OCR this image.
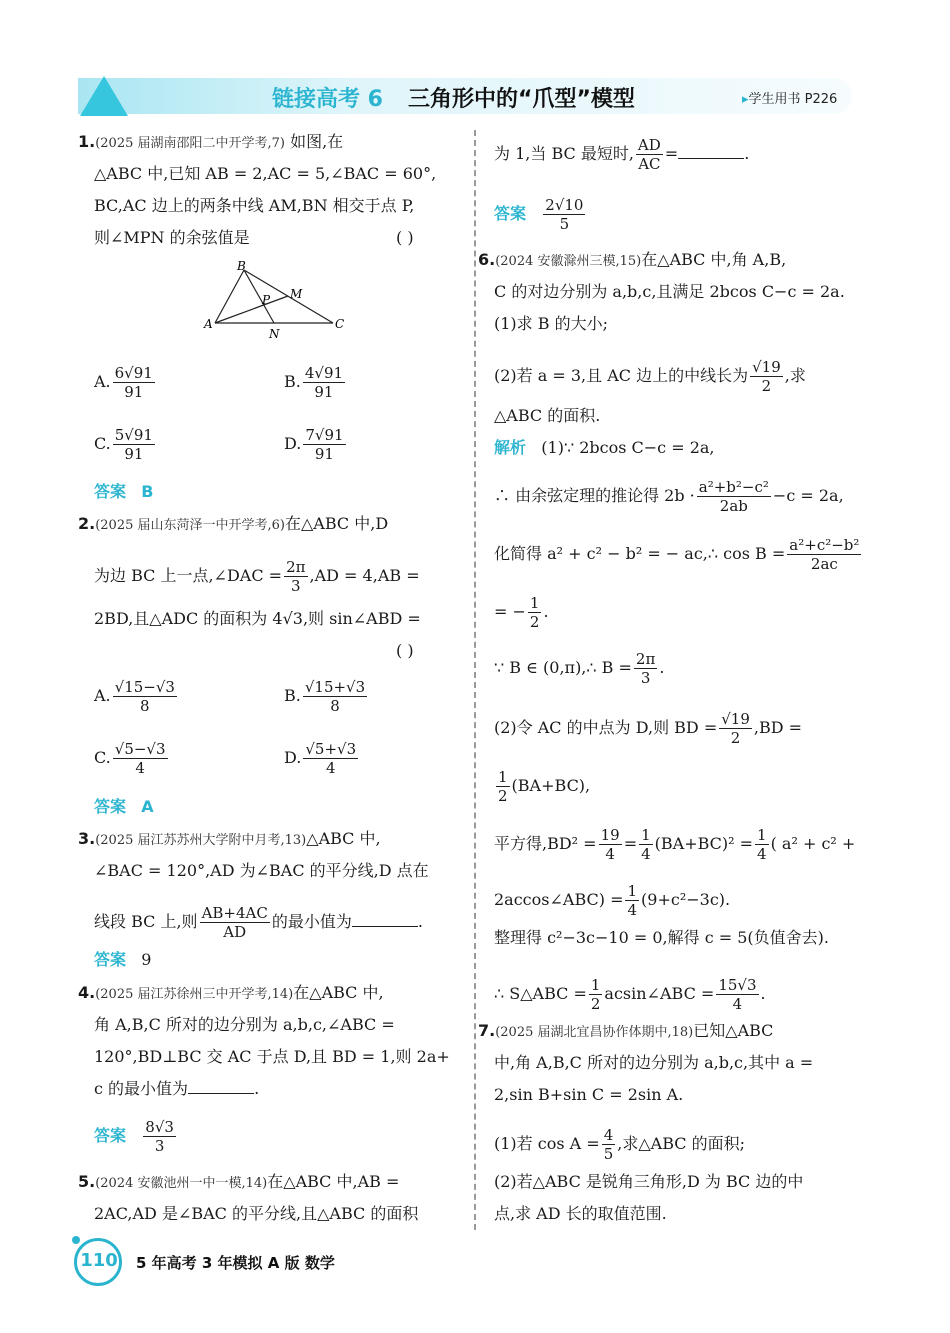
链接高考 6 三角形中的“爪型”模型	▸学生用书 P226
1.(2025 届湖南邵阳二中开学考,7) 如图,在
△ABC 中,已知 AB = 2,AC = 5,∠BAC = 60°,
BC,AC 边上的两条中线 AM,BN 相交于点 P,
则∠MPN 的余弦值是	( )
B
P M
A
N
C
A. $\frac{6√91}{91}$	B. $\frac{4√91}{91}$
C. $\frac{5√91}{91}$	D. $\frac{7√91}{91}$
答案 B
2.(2025 届山东菏泽一中开学考,6)在△ABC 中,D
为边 BC 上一点,∠DAC = $\frac{2\pi}{3} ,AD = 4,AB$ =
2BD,且△ADC 的面积为 4√3,则 sin∠ABD =
( )
A. $\frac{√15-√3}{8}$	B. $\frac{√15+√3}{8}$
C. $\frac{√5-√3}{4}$	D. $\frac{√5+√3}{4}$
答案 A
3.(2025 届江苏苏州大学附中月考,13)△ABC 中,
∠BAC = 120°,AD 为∠BAC 的平分线,D 点在
线段 BC 上,则 $\frac{AB+4AC}{AD}$ 的最小值为	.
答案 9
4.(2025 届江苏徐州三中开学考,14)在△ABC 中,
角 A,B,C 所对的边分别为 a,b,c,∠ABC =
120°,BD⊥BC 交 AC 于点 D,且 BD = 1,则 2a+
c 的最小值为	.
答案 $\frac{8√3}{3}$
5.(2024 安徽池州一中一模,14)在△ABC 中,AB =
2AC,AD 是∠BAC 的平分线,且△ABC 的面积
为 1,当 BC 最短时, $\frac{AD}{AC}$ =	.
答案 $\frac{2√10}{5}$
6.(2024 安徽滁州三模,15)在△ABC 中,角 A,B,
C 的对边分别为 a,b,c,且满足 2bcos C−c = 2a.
(1)求 B 的大小;
(2)若 a = 3,且 AC 边上的中线长为 $\frac{√19}{2}$ ,求
△ABC 的面积.
解析 (1)∵ 2bcos C−c = 2a,
∴ 由余弦定理的推论得 $2b \cdot \frac{\text{a²+b²−c²}}{2ab} -c = 2a$,
化简得 a² + c² − b² = − ac,∴ $\cos B = \frac{\text{a²+c²−b²}}{2ac}$
= − $\frac{1}{2}$ .
∵ B ∈ (0,π),∴ $B = \frac{2\pi}{3}$ .
(2)令 AC 的中点为 D,则 BD = $\frac{√19}{2} ,BD$ =
$\frac{1}{2} (BA+BC)$,
平方得$,BD^2 = \frac{19}{4} = \frac{1}{4} (BA+BC)^2 = \frac{1}{4}$ ( a² + c² +
2accos∠ABC) = $\frac{1}{4} (9+c^2-3c)$.
整理得 c²−3c−10 = 0,解得 c = 5(负值舍去).
∴ S△ABC = $\frac{1}{2}$ acsin∠ABC = $\frac{15√3}{4}$ .
7.(2025 届湖北宜昌协作体期中,18)已知△ABC
中,角 A,B,C 所对的边分别为 a,b,c,其中 a =
2,sin B+sin C = 2sin A.
(1)若 $\cos A = \frac{4}{5}$ ,求△ABC 的面积;
(2)若△ABC 是锐角三角形,D 为 BC 边的中
点,求 AD 长的取值范围.
110 5 年高考 3 年模拟 A 版 数学
